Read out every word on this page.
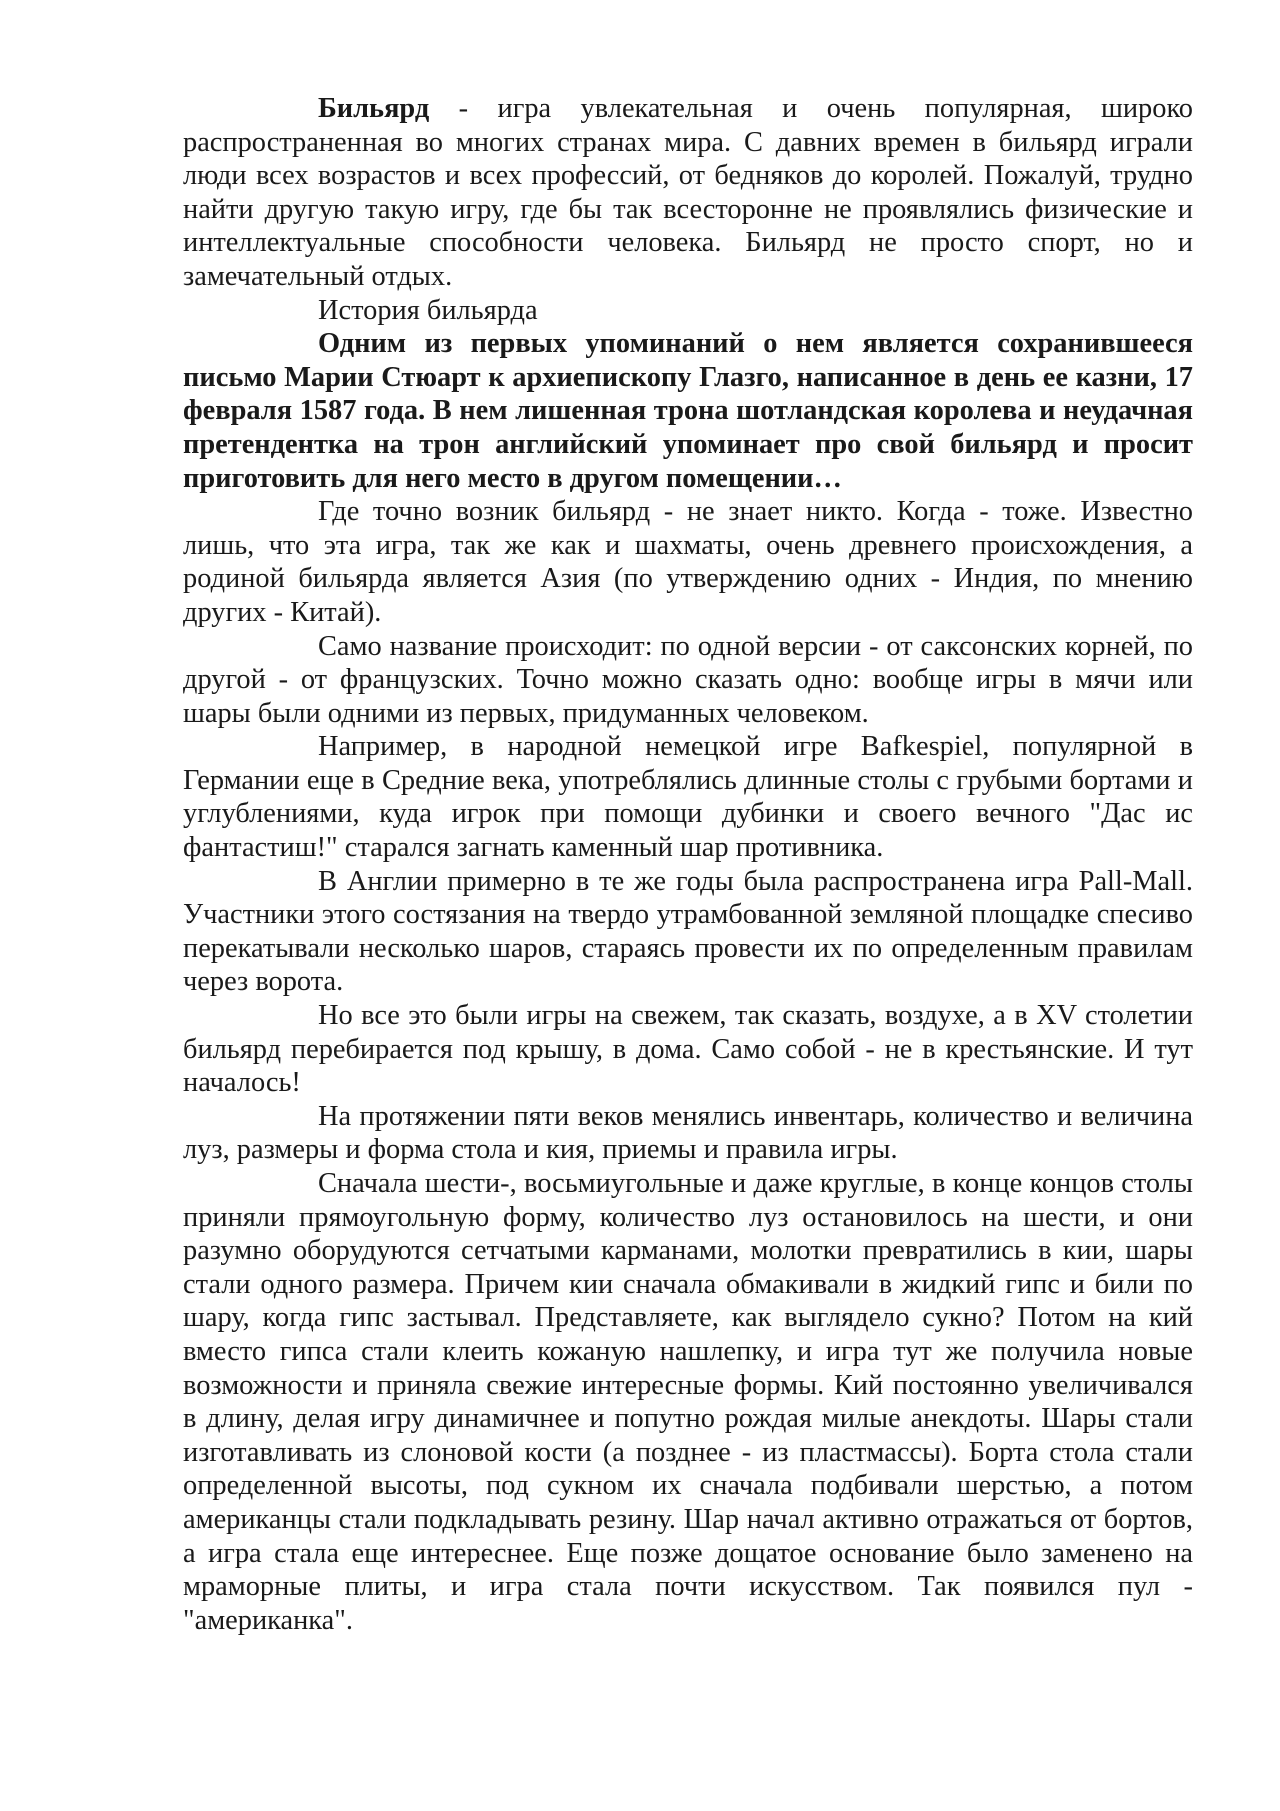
Бильярд - игра увлекательная и очень популярная, широко распространенная во многих странах мира. С давних времен в бильярд играли люди всех возрастов и всех профессий, от бедняков до королей. Пожалуй, трудно найти другую такую игру, где бы так всесторонне не проявлялись физические и интеллектуальные способности человека. Бильярд не просто спорт, но и замечательный отдых.

История бильярда

Одним из первых упоминаний о нем является сохранившееся письмо Марии Стюарт к архиепископу Глазго, написанное в день ее казни, 17 февраля 1587 года. В нем лишенная трона шотландская королева и неудачная претендентка на трон английский упоминает про свой бильярд и просит приготовить для него место в другом помещении…

Где точно возник бильярд - не знает никто. Когда - тоже. Известно лишь, что эта игра, так же как и шахматы, очень древнего происхождения, а родиной бильярда является Азия (по утверждению одних - Индия, по мнению других - Китай).

Само название происходит: по одной версии - от саксонских корней, по другой - от французских. Точно можно сказать одно: вообще игры в мячи или шары были одними из первых, придуманных человеком.

Например, в народной немецкой игре Bafkespiel, популярной в Германии еще в Средние века, употреблялись длинные столы с грубыми бортами и углублениями, куда игрок при помощи дубинки и своего вечного "Дас ис фантастиш!" старался загнать каменный шар противника.

В Англии примерно в те же годы была распространена игра Pall-Mall. Участники этого состязания на твердо утрамбованной земляной площадке спесиво перекатывали несколько шаров, стараясь провести их по определенным правилам через ворота.

Но все это были игры на свежем, так сказать, воздухе, а в XV столетии бильярд перебирается под крышу, в дома. Само собой - не в крестьянские. И тут началось!

На протяжении пяти веков менялись инвентарь, количество и величина луз, размеры и форма стола и кия, приемы и правила игры.

Сначала шести-, восьмиугольные и даже круглые, в конце концов столы приняли прямоугольную форму, количество луз остановилось на шести, и они разумно оборудуются сетчатыми карманами, молотки превратились в кии, шары стали одного размера. Причем кии сначала обмакивали в жидкий гипс и били по шару, когда гипс застывал. Представляете, как выглядело сукно? Потом на кий вместо гипса стали клеить кожаную нашлепку, и игра тут же получила новые возможности и приняла свежие интересные формы. Кий постоянно увеличивался в длину, делая игру динамичнее и попутно рождая милые анекдоты. Шары стали изготавливать из слоновой кости (а позднее - из пластмассы). Борта стола стали определенной высоты, под сукном их сначала подбивали шерстью, а потом американцы стали подкладывать резину. Шар начал активно отражаться от бортов, а игра стала еще интереснее. Еще позже дощатое основание было заменено на мраморные плиты, и игра стала почти искусством. Так появился пул - "американка".
